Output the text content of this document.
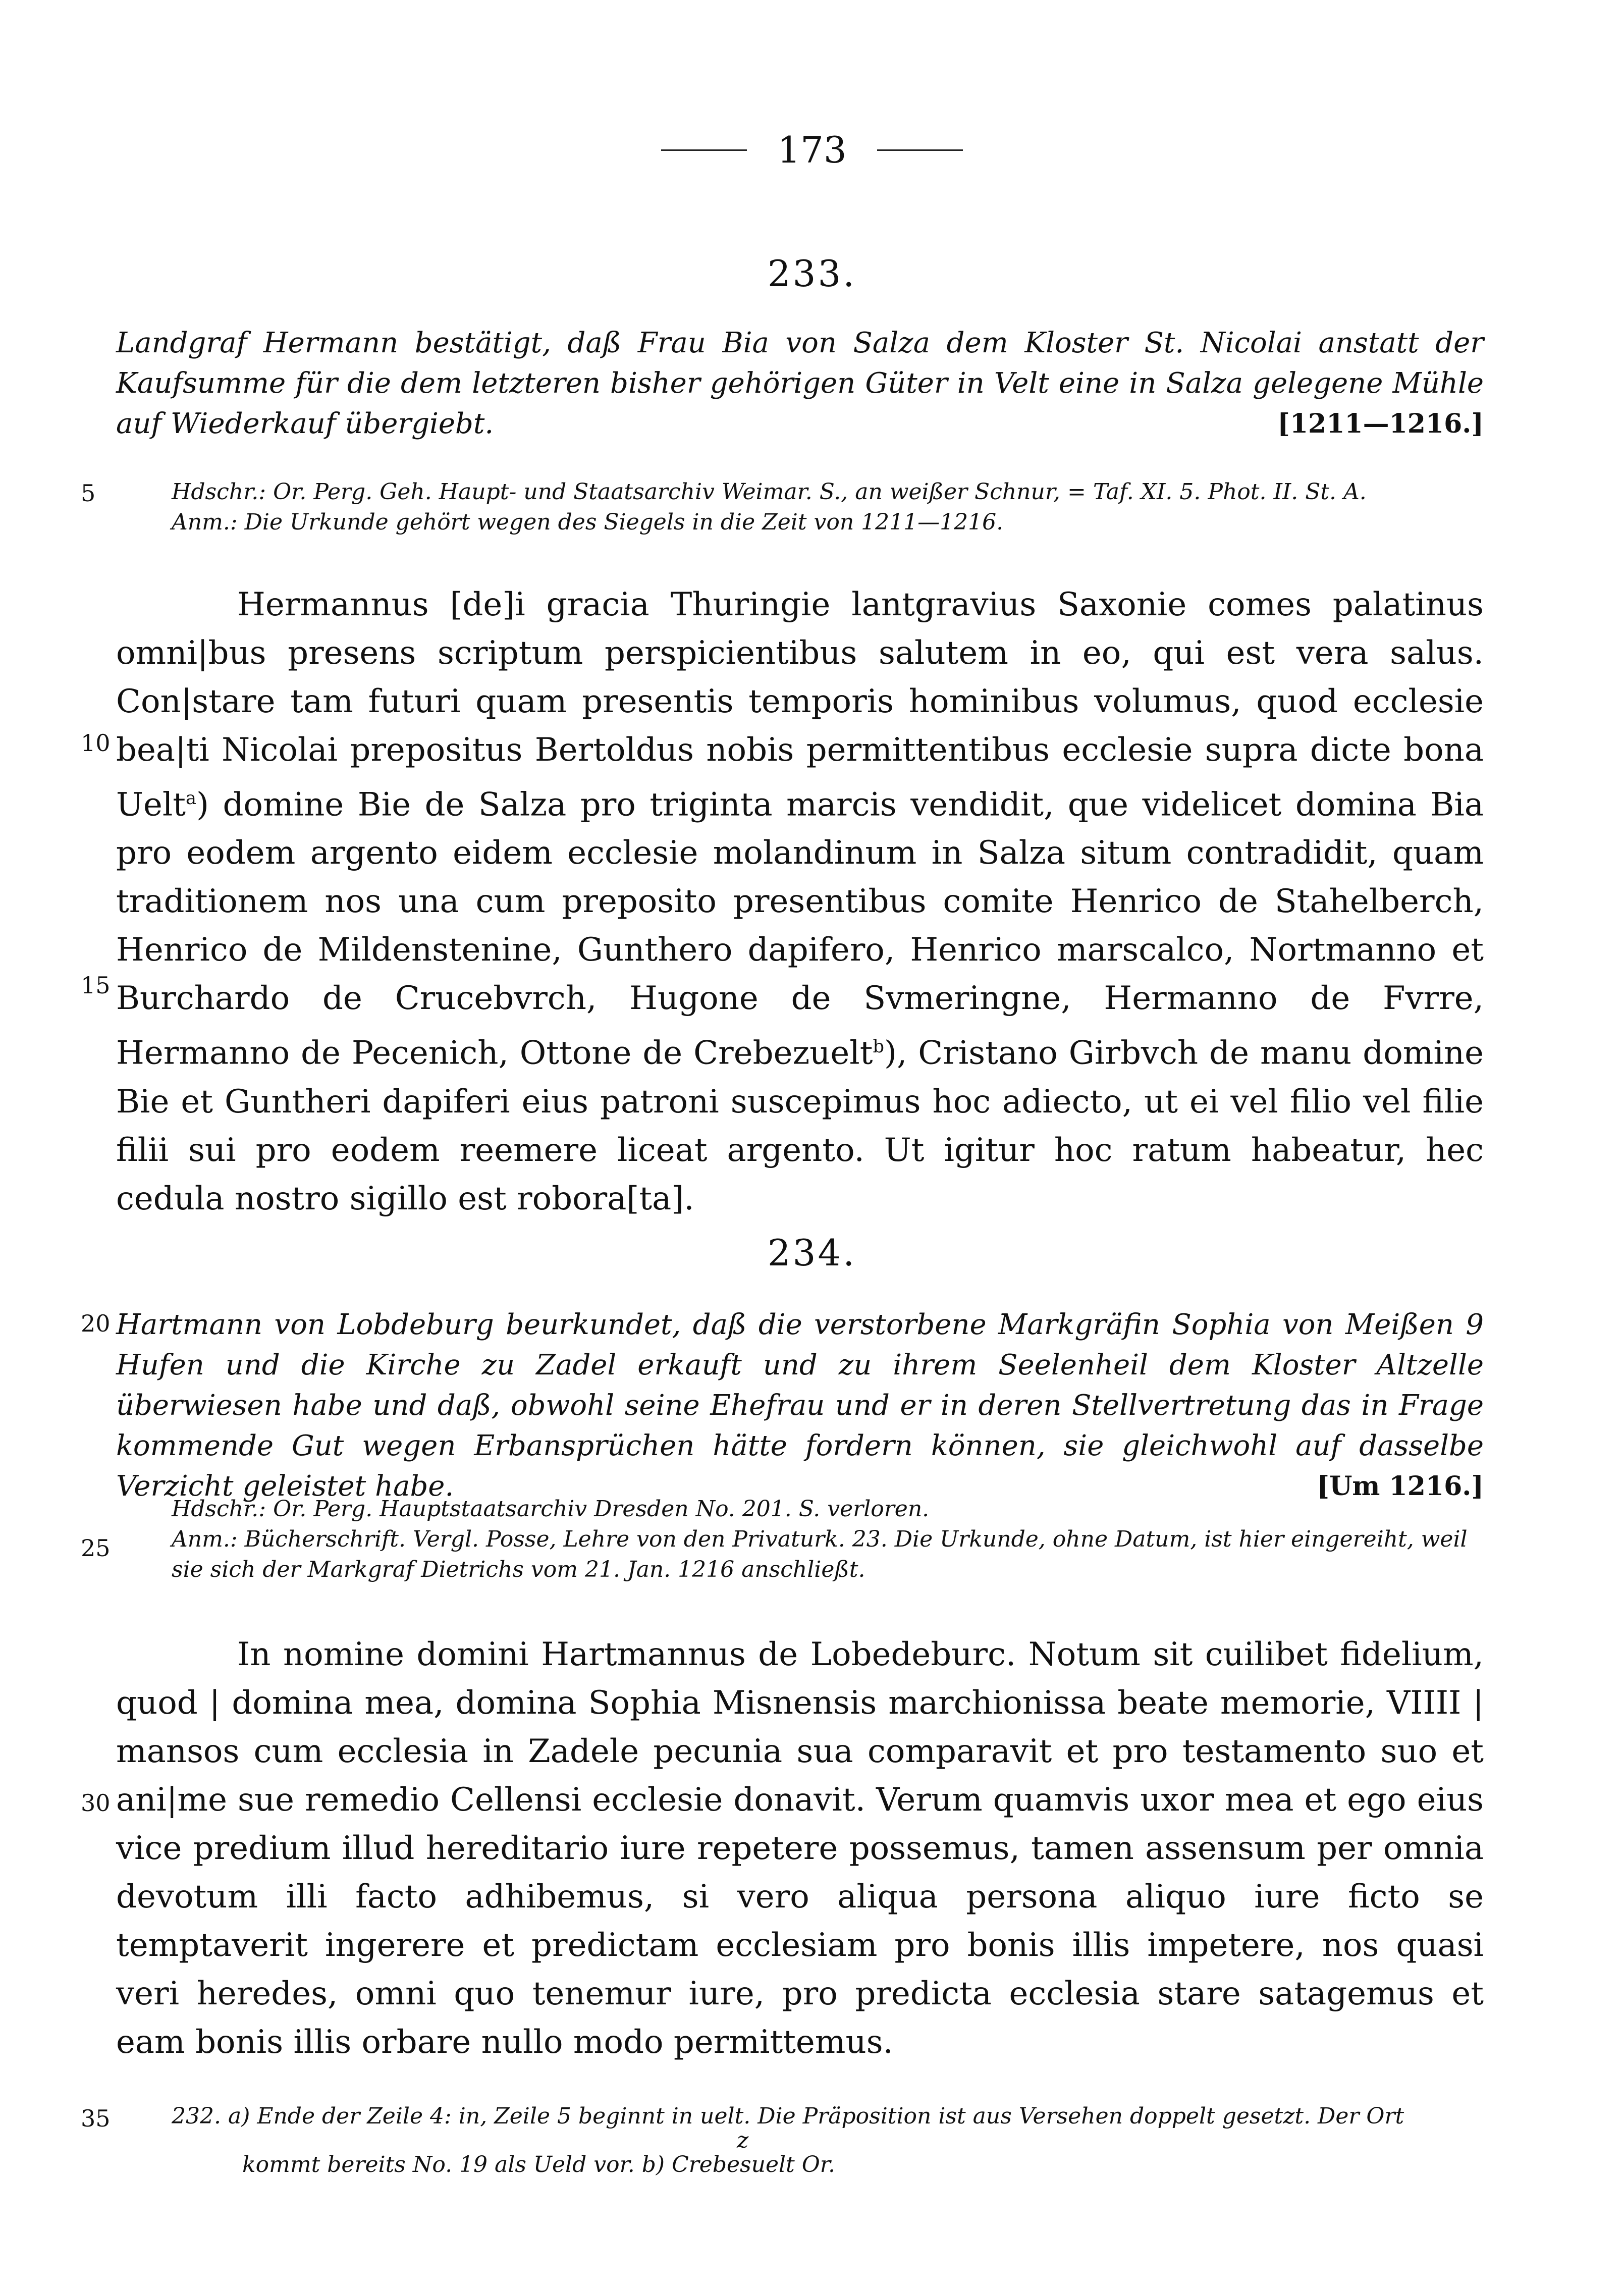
173
233.
Landgraf Hermann bestätigt, daß Frau Bia von Salza dem Kloster St. Nicolai anstatt der Kaufsumme für die dem letzteren bisher gehörigen Güter in Velt eine in Salza gelegene Mühle auf Wiederkauf übergiebt.	[1211—1216.]
Hdschr.: Or. Perg. Geh. Haupt- und Staatsarchiv Weimar. S., an weißer Schnur, = Taf. XI. 5. Phot. II. St. A.
Anm.: Die Urkunde gehört wegen des Siegels in die Zeit von 1211—1216.

Hermannus [de]i gracia Thuringie lantgravius Saxonie comes palatinus omni|bus presens scriptum perspicientibus salutem in eo, qui est vera salus. Con|stare tam futuri quam presentis temporis hominibus volumus, quod ecclesie bea|ti Nicolai prepositus Bertoldus nobis permittentibus ecclesie supra dicte bona Uelt$^a$) domine Bie de Salza pro triginta marcis vendidit, que videlicet domina Bia pro eodem argento eidem ecclesie molandinum in Salza situm contradidit, quam traditionem nos una cum preposito presentibus comite Henrico de Stahelberch, Henrico de Mildenstenine, Gunthero dapifero, Henrico marscalco, Nortmanno et Burchardo de Crucebvrch, Hugone de Svmeringne, Hermanno de Fvrre, Hermanno de Pecenich, Ottone de Crebezuelt$^b$), Cristano Girbvch de manu domine Bie et Guntheri dapiferi eius patroni suscepimus hoc adiecto, ut ei vel filio vel filie filii sui pro eodem reemere liceat argento. Ut igitur hoc ratum habeatur, hec cedula nostro sigillo est robora[ta].

234.
Hartmann von Lobdeburg beurkundet, daß die verstorbene Markgräfin Sophia von Meißen 9 Hufen und die Kirche zu Zadel erkauft und zu ihrem Seelenheil dem Kloster Altzelle überwiesen habe und daß, obwohl seine Ehefrau und er in deren Stellvertretung das in Frage kommende Gut wegen Erbansprüchen hätte fordern können, sie gleichwohl auf dasselbe Verzicht geleistet habe.	[Um 1216.]
Hdschr.: Or. Perg. Hauptstaatsarchiv Dresden No. 201. S. verloren.
Anm.: Bücherschrift. Vergl. Posse, Lehre von den Privaturk. 23. Die Urkunde, ohne Datum, ist hier eingereiht, weil sie sich der Markgraf Dietrichs vom 21. Jan. 1216 anschließt.

In nomine domini Hartmannus de Lobedeburc. Notum sit cuilibet fidelium, quod | domina mea, domina Sophia Misnensis marchionissa beate memorie, VIIII | mansos cum ecclesia in Zadele pecunia sua comparavit et pro testamento suo et ani|me sue remedio Cellensi ecclesie donavit. Verum quamvis uxor mea et ego eius vice predium illud hereditario iure repetere possemus, tamen assensum per omnia devotum illi facto adhibemus, si vero aliqua persona aliquo iure ficto se temptaverit ingerere et predictam ecclesiam pro bonis illis impetere, nos quasi veri heredes, omni quo tenemur iure, pro predicta ecclesia stare satagemus et eam bonis illis orbare nullo modo permittemus.

5
10
15
20
25
30
35	232. a) Ende der Zeile 4: in, Zeile 5 beginnt in uelt. Die Präposition ist aus Versehen doppelt gesetzt. Der Ort
z
kommt bereits No. 19 als Ueld vor. b) Crebesuelt Or.
